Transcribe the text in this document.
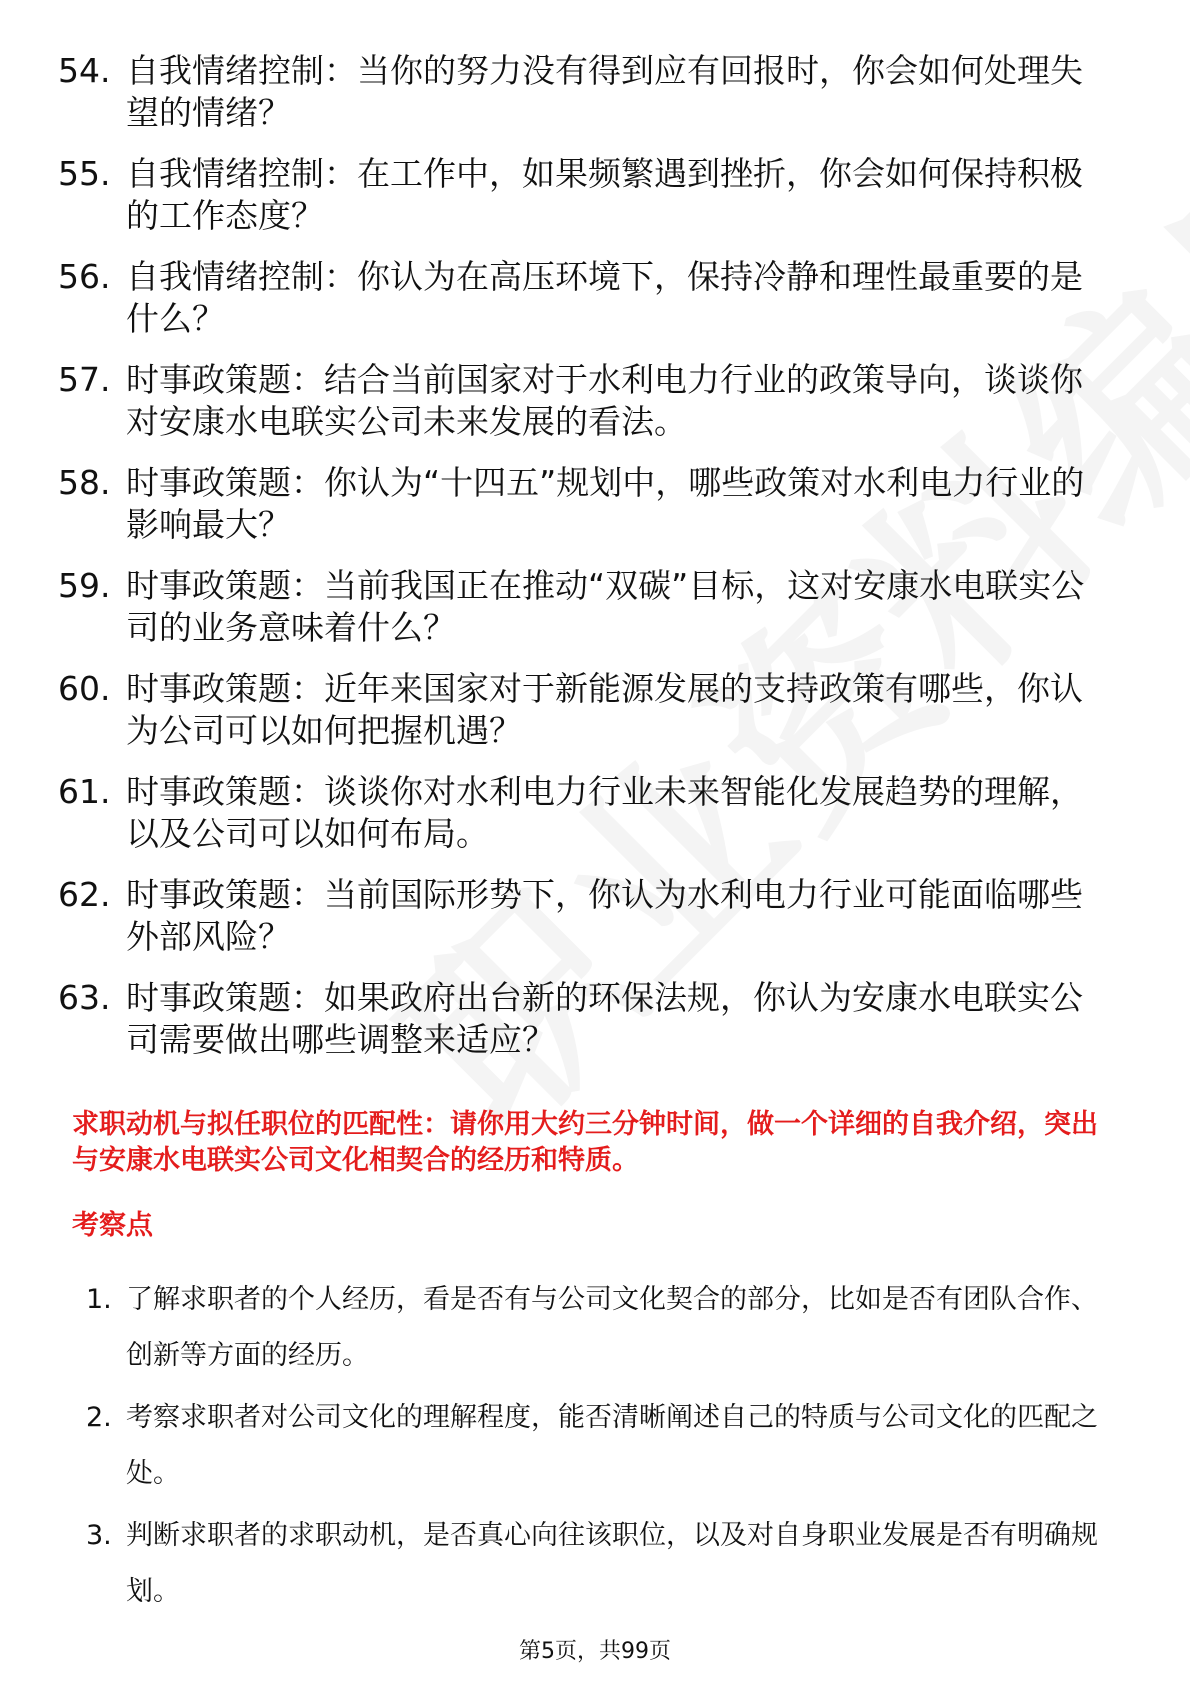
54. 自我情绪控制：当你的努力没有得到应有回报时，你会如何处理失望的情绪？
55. 自我情绪控制：在工作中，如果频繁遇到挫折，你会如何保持积极的工作态度？
56. 自我情绪控制：你认为在高压环境下，保持冷静和理性最重要的是什么？
57. 时事政策题：结合当前国家对于水利电力行业的政策导向，谈谈你对安康水电联实公司未来发展的看法。
58. 时事政策题：你认为“十四五”规划中，哪些政策对水利电力行业的影响最大？
59. 时事政策题：当前我国正在推动“双碳”目标，这对安康水电联实公司的业务意味着什么？
60. 时事政策题：近年来国家对于新能源发展的支持政策有哪些，你认为公司可以如何把握机遇？
61. 时事政策题：谈谈你对水利电力行业未来智能化发展趋势的理解，以及公司可以如何布局。
62. 时事政策题：当前国际形势下，你认为水利电力行业可能面临哪些外部风险？
63. 时事政策题：如果政府出台新的环保法规，你认为安康水电联实公司需要做出哪些调整来适应？
求职动机与拟任职位的匹配性：请你用大约三分钟时间，做一个详细的自我介绍，突出与安康水电联实公司文化相契合的经历和特质。
考察点
1. 了解求职者的个人经历，看是否有与公司文化契合的部分，比如是否有团队合作、创新等方面的经历。
2. 考察求职者对公司文化的理解程度，能否清晰阐述自己的特质与公司文化的匹配之处。
3. 判断求职者的求职动机，是否真心向往该职位，以及对自身职业发展是否有明确规划。
第5页，共99页
